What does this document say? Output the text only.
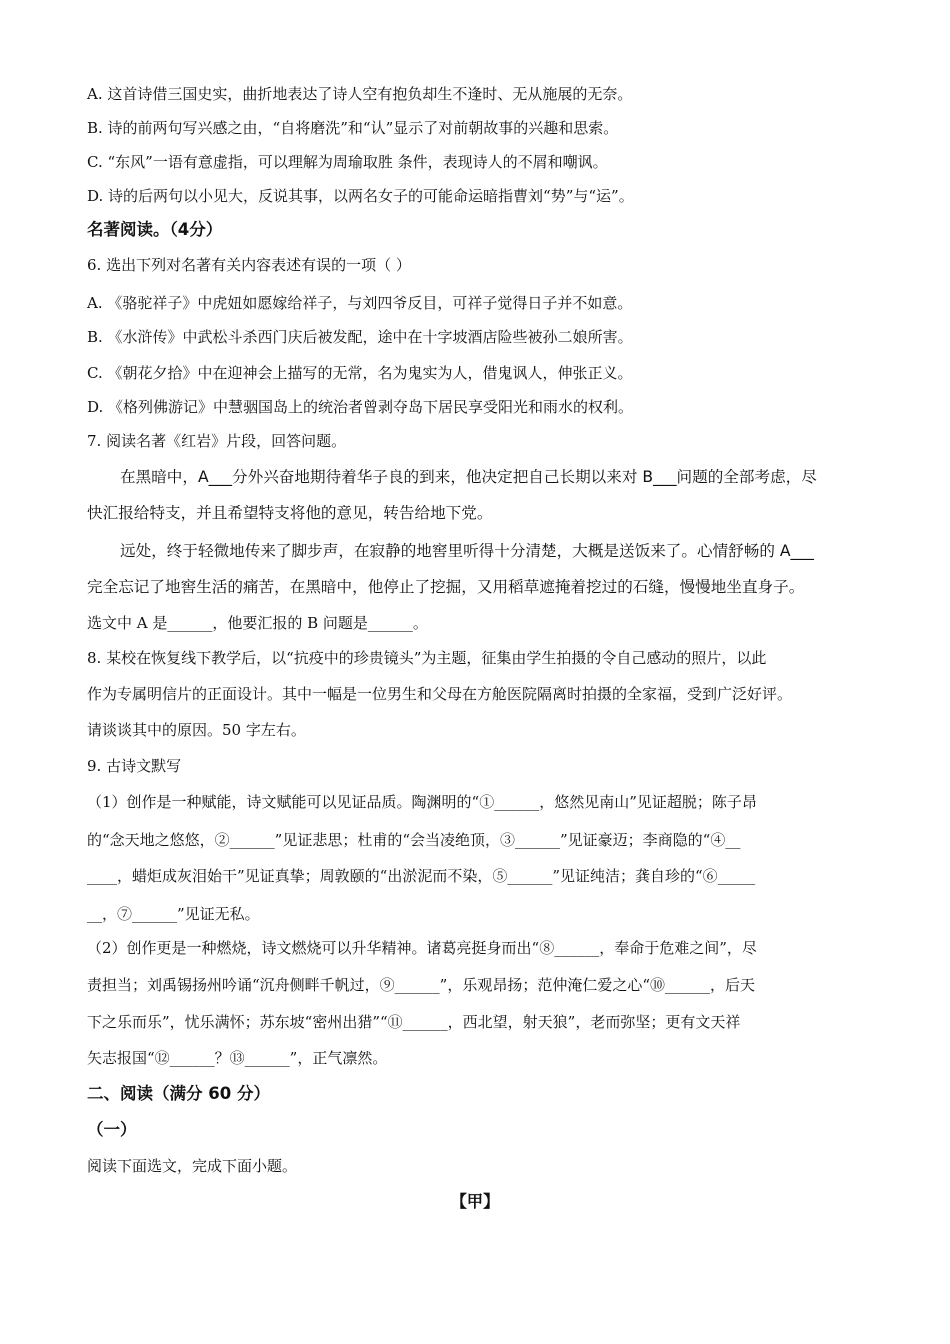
A. 这首诗借三国史实，曲折地表达了诗人空有抱负却生不逢时、无从施展的无奈。
B. 诗的前两句写兴感之由，“自将磨洗”和“认”显示了对前朝故事的兴趣和思索。
C. “东风”一语有意虚指，可以理解为周瑜取胜 条件，表现诗人的不屑和嘲讽。
D. 诗的后两句以小见大，反说其事，以两名女子的可能命运暗指曹刘“势”与“运”。
名著阅读。（4分）
6. 选出下列对名著有关内容表述有误的一项（ ）
A. 《骆驼祥子》中虎妞如愿嫁给祥子，与刘四爷反目，可祥子觉得日子并不如意。
B. 《水浒传》中武松斗杀西门庆后被发配，途中在十字坡酒店险些被孙二娘所害。
C. 《朝花夕拾》中在迎神会上描写的无常，名为鬼实为人，借鬼讽人，伸张正义。
D. 《格列佛游记》中慧骃国岛上的统治者曾剥夺岛下居民享受阳光和雨水的权利。
7. 阅读名著《红岩》片段，回答问题。
在黑暗中，A___分外兴奋地期待着华子良的到来，他决定把自己长期以来对 B___问题的全部考虑，尽
快汇报给特支，并且希望特支将他的意见，转告给地下党。
远处，终于轻微地传来了脚步声，在寂静的地窖里听得十分清楚，大概是送饭来了。心情舒畅的 A___
完全忘记了地窖生活的痛苦，在黑暗中，他停止了挖掘，又用稻草遮掩着挖过的石缝，慢慢地坐直身子。
选文中 A 是______，他要汇报的 B 问题是______。
8. 某校在恢复线下教学后，以“抗疫中的珍贵镜头”为主题，征集由学生拍摄的令自己感动的照片，以此
作为专属明信片的正面设计。其中一幅是一位男生和父母在方舱医院隔离时拍摄的全家福，受到广泛好评。
请谈谈其中的原因。50 字左右。
9. 古诗文默写
（1）创作是一种赋能，诗文赋能可以见证品质。陶渊明的“①______，悠然见南山”见证超脱；陈子昂
的“念天地之悠悠，②______”见证悲思；杜甫的“会当凌绝顶，③______”见证豪迈；李商隐的“④__
____，蜡炬成灰泪始干”见证真挚；周敦颐的“出淤泥而不染，⑤______”见证纯洁；龚自珍的“⑥_____
__，⑦______”见证无私。
（2）创作更是一种燃烧，诗文燃烧可以升华精神。诸葛亮挺身而出“⑧______，奉命于危难之间”，尽
责担当；刘禹锡扬州吟诵“沉舟侧畔千帆过，⑨______”，乐观昂扬；范仲淹仁爱之心“⑩______，后天
下之乐而乐”，忧乐满怀；苏东坡“密州出猎”“⑪______，西北望，射天狼”，老而弥坚；更有文天祥
矢志报国“⑫______？⑬______”，正气凛然。
二、阅读（满分 60 分）
（一）
阅读下面选文，完成下面小题。
【甲】
